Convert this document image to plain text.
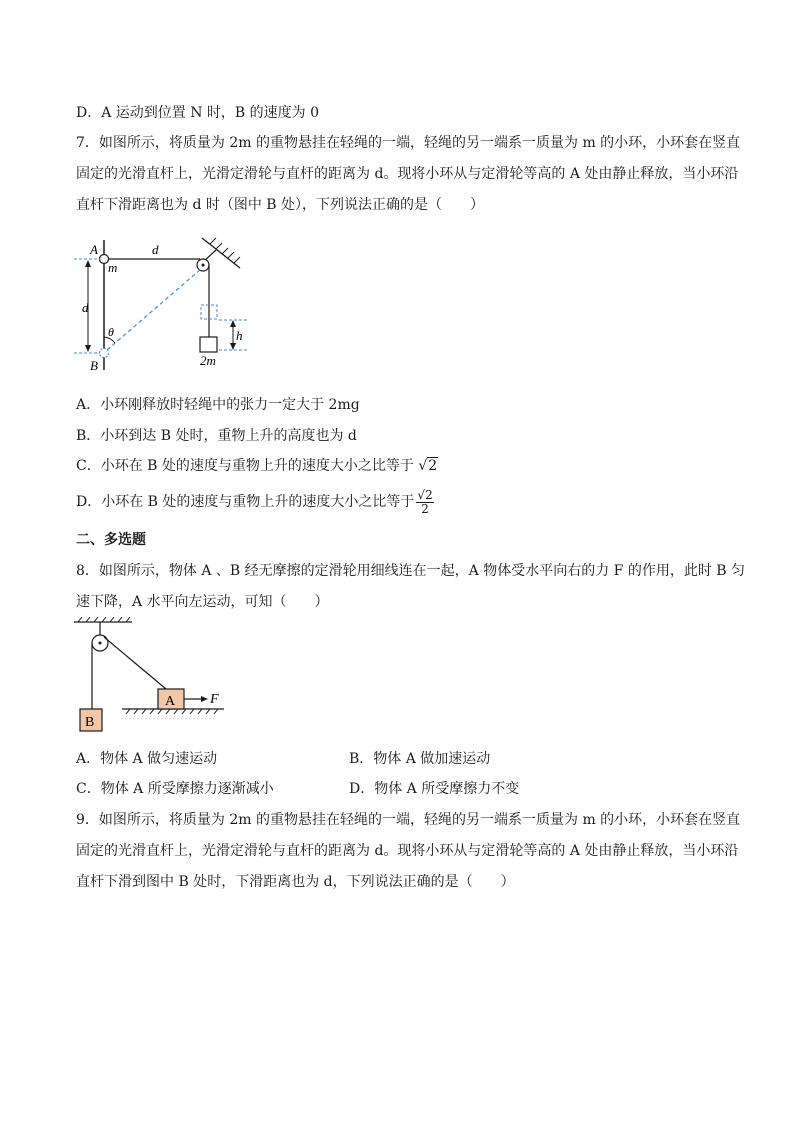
D．A 运动到位置 N 时，B 的速度为 0
7．如图所示，将质量为 2m 的重物悬挂在轻绳的一端，轻绳的另一端系一质量为 m 的小环，小环套在竖直
固定的光滑直杆上，光滑定滑轮与直杆的距离为 d。现将小环从与定滑轮等高的 A 处由静止释放，当小环沿
直杆下滑距离也为 d 时（图中 B 处），下列说法正确的是（　　）
A
m
d
d
θ
B
h
2m
A．小环刚释放时轻绳中的张力一定大于 2mg
B．小环到达 B 处时，重物上升的高度也为 d
C．小环在 B 处的速度与重物上升的速度大小之比等于 √2
D．小环在 B 处的速度与重物上升的速度大小之比等于 $\frac{√2}{2}$
二、多选题
8．如图所示，物体 A 、B 经无摩擦的定滑轮用细线连在一起，A 物体受水平向右的力 F 的作用，此时 B 匀
速下降，A 水平向左运动，可知（　　）
B
A F
A．物体 A 做匀速运动	B．物体 A 做加速运动
C．物体 A 所受摩擦力逐渐减小	D．物体 A 所受摩擦力不变
9．如图所示，将质量为 2m 的重物悬挂在轻绳的一端，轻绳的另一端系一质量为 m 的小环，小环套在竖直
固定的光滑直杆上，光滑定滑轮与直杆的距离为 d。现将小环从与定滑轮等高的 A 处由静止释放，当小环沿
直杆下滑到图中 B 处时，下滑距离也为 d，下列说法正确的是（　　）
